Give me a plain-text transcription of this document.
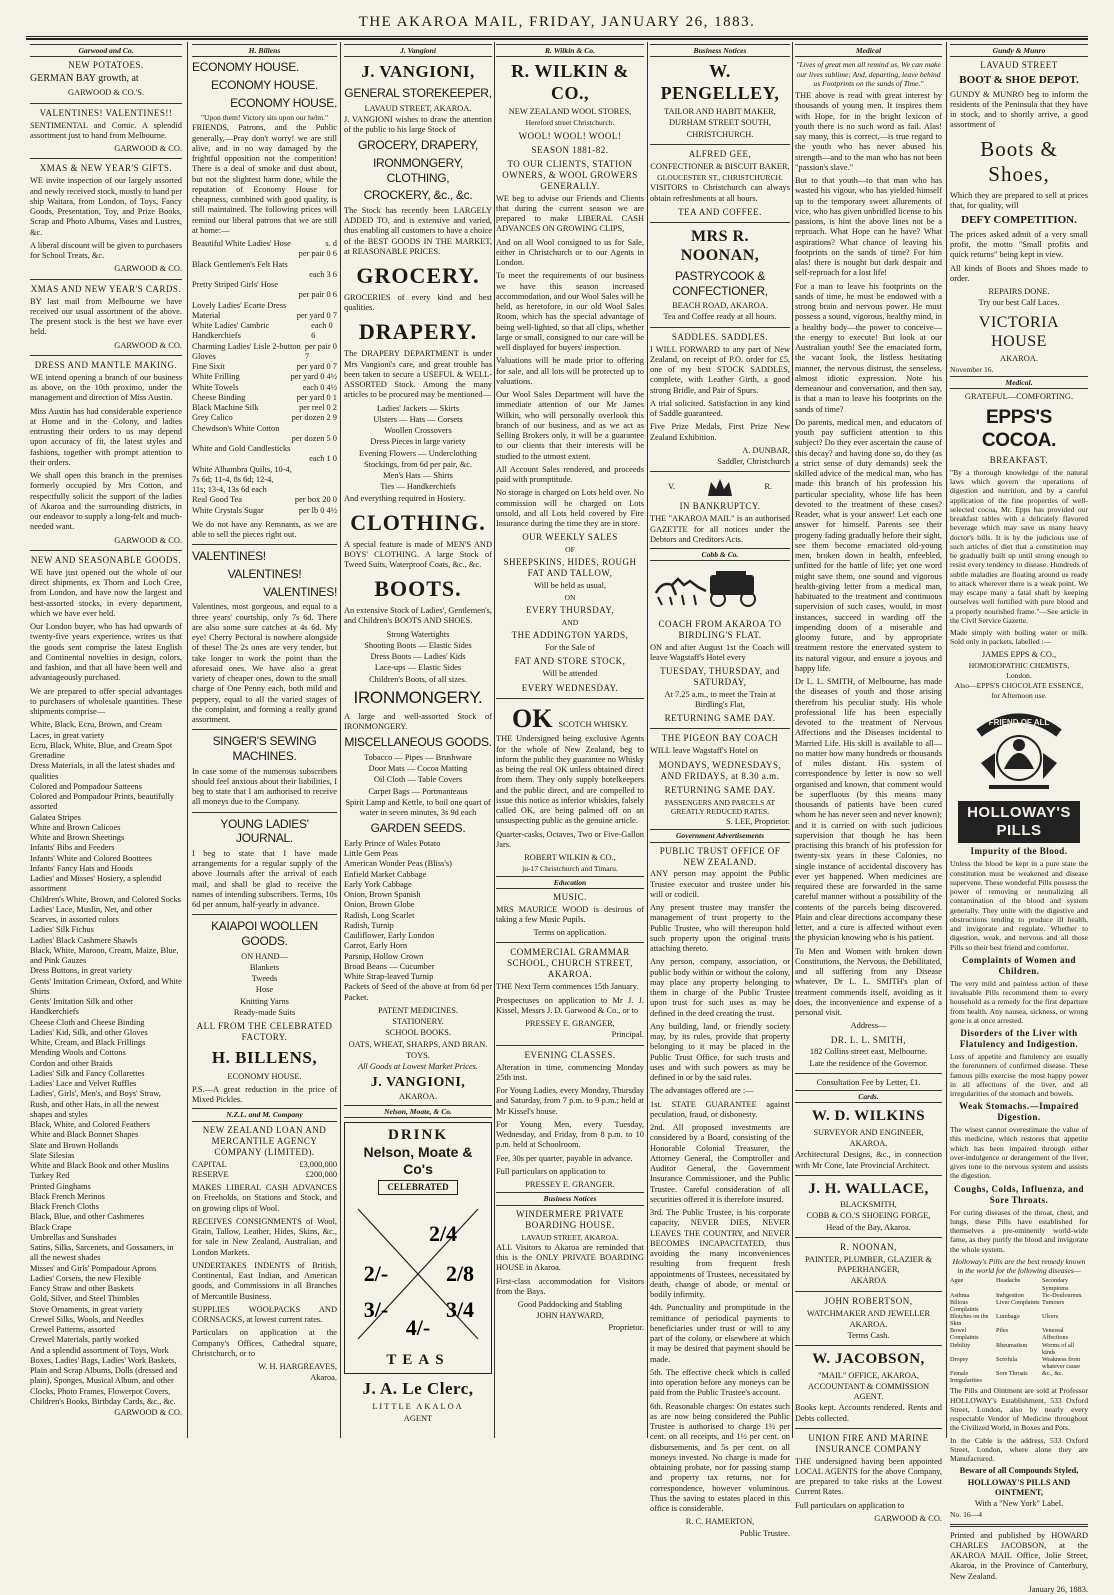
THE AKAROA MAIL, FRIDAY, JANUARY 26, 1883.
Garwood and Co.
NEW POTATOES.
GERMAN BAY growth, at
GARWOOD & CO.'S.
VALENTINES! VALENTINES!!
SENTIMENTAL and Comic. A splendid assortment just to hand from Melbourne.
GARWOOD & CO.
XMAS & NEW YEAR'S GIFTS.
WE invite inspection of our largely assorted and newly received stock, mostly to hand per ship Waitara, from London, of Toys, Fancy Goods, Presentation, Toy, and Prize Books, Scrap and Photo Albums, Vases and Lustres, &c.
A liberal discount will be given to purchasers for School Treats, &c.
GARWOOD & CO.
XMAS AND NEW YEAR'S CARDS.
BY last mail from Melbourne we have received our usual assortment of the above. The present stock is the best we have ever held.
GARWOOD & CO.
DRESS AND MANTLE MAKING.
WE intend opening a branch of our business as above, on the 10th proximo, under the management and direction of Miss Austin.
Miss Austin has had considerable experience at Home and in the Colony, and ladies entrusting their orders to us may depend upon accuracy of fit, the latest styles and fashions, together with prompt attention to their orders.
We shall open this branch in the premises formerly occupied by Mrs Cotton, and respectfully solicit the support of the ladies of Akaroa and the surrounding districts, in our endeavor to supply a long-felt and much-needed want.
GARWOOD & CO.
NEW AND SEASONABLE GOODS.
WE have just opened out the whole of our direct shipments, ex Thorn and Loch Cree, from London, and have now the largest and best-assorted stocks, in every department, which we have ever held.
Our London buyer, who has had upwards of twenty-five years experience, writes us that the goods sent comprise the latest English and Continental novelties in design, colors, and fashion, and that all have been well and advantageously purchased.
We are prepared to offer special advantages to purchasers of wholesale quantities. These shipments comprise—
White, Black, Ecru, Brown, and Cream Laces, in great variety
Ecru, Black, White, Blue, and Cream Spot Grenadine
Dress Materials, in all the latest shades and qualities
Colored and Pompadour Satteens
Colored and Pompadour Prints, beautifully assorted
Galatea Stripes
White and Brown Calicoes
White and Brown Sheetings
Infants' Bibs and Feeders
Infants' White and Colored Boottees
Infants' Fancy Hats and Hoods
Ladies' and Misses' Hosiery, a splendid assortment
Children's White, Brown, and Colored Socks
Ladies' Lace, Muslin, Net, and other Scarves, in assorted colors
Ladies' Silk Fichus
Ladies' Black Cashmere Shawls
Black, White, Maroon, Cream, Maize, Blue, and Pink Gauzes
Dress Buttons, in great variety
Gents' Imitation Crimean, Oxford, and White Shirts
Gents' Imitation Silk and other Handkerchiefs
Cheese Cloth and Cheese Binding
Ladies' Kid, Silk, and other Gloves
White, Cream, and Black Frillings
Mending Wools and Cottons
Cordon and other Braids
Ladies' Silk and Fancy Collarettes
Ladies' Lace and Velvet Ruffles
Ladies', Girls', Men's, and Boys' Straw, Rush, and other Hats, in all the newest shapes and styles
Black, White, and Colored Feathers
White and Black Bonnet Shapes
Slate and Brown Hollands
Slate Silesias
White and Black Book and other Muslins
Turkey Red
Printed Ginghams
Black French Merinos
Black French Cloths
Black, Blue, and other Cashmeres
Black Crape
Umbrellas and Sunshades
Satins, Silks, Sarcenets, and Gossamers, in all the newest shades
Misses' and Girls' Pompadour Aprons
Ladies' Corsets, the new Flexible
Fancy Straw and other Baskets
Gold, Silver, and Steel Thimbles
Stove Ornaments, in great variety
Crewel Silks, Wools, and Needles
Crewel Patterns, assorted
Crewel Materials, partly worked
And a splendid assortment of Toys, Work Boxes, Ladies' Bags, Ladies' Work Baskets, Plain and Scrap Albums, Dolls (dressed and plain), Sponges, Musical Album, and other Clocks, Photo Frames, Flowerpot Covers, Children's Books, Birthday Cards, &c., &c.
GARWOOD & CO.
H. Billens
ECONOMY HOUSE.
ECONOMY HOUSE.
ECONOMY HOUSE.
"Upon them! Victory sits upon our helm."
FRIENDS, Patrons, and the Public generally,—Pray don't worry! we are still alive, and in no way damaged by the frightful opposition not the competition! There is a deal of smoke and dust about, but not the slightest harm done, while the reputation of Economy House for cheapness, combined with good quality, is still maintained. The following prices will remind our liberal patrons that we are still at home:—
Beautiful White Ladies' Hose	s. d
per pair 0 6
Black Gentlemen's Felt Hats
each 3 6
Pretty Striped Girls' Hose
per pair 0 6
Lovely Ladies' Ecarte Dress
Material	per yard 0 7
White Ladies' Cambric Handkerchiefs
each 0 6
Charming Ladies' Lisle 2-button Gloves
per pair 0 7
Fine Sixit	per yard 0 7
White Frilling	per yard 0 4½
White Towels	each 0 4½
Cheese Binding	per yard 0 1
Black Machine Silk	per reel 0 2
Grey Calico	per dozen 2 9
Chewdson's White Cotton
per dozen 5 0
White and Gold Candlesticks
each 1 0
White Alhambra Quilts, 10-4,
7s 6d; 11-4, 8s 6d; 12-4,
11s; 13-4, 13s 6d each
Real Good Tea	per box 20 0
White Crystals Sugar	per lb 0 4½
We do not have any Remnants, as we are able to sell the pieces right out.
VALENTINES!
VALENTINES!
VALENTINES!
Valentines, most gorgeous, and equal to a three years' courtship, only 7s 6d. There are also some sure catches at 4s 6d. My eye! Cherry Pectoral is nowhere alongside of these! The 2s ones are very tender, but take longer to work the point than the aforesaid ones. We have also a great variety of cheaper ones, down to the small charge of One Penny each, both mild and peppery, equal to all the varied stages of the complaint, and forming a really grand assortment.
SINGER'S SEWING MACHINES.
In case some of the numerous subscribers should feel anxious about their liabilities, I beg to state that I am authorised to receive all moneys due to the Company.
YOUNG LADIES' JOURNAL.
I beg to state that I have made arrangements for a regular supply of the above Journals after the arrival of each mail, and shall be glad to receive the names of intending subscribers. Terms, 10s 6d per annum, half-yearly in advance.
KAIAPOI WOOLLEN GOODS.
ON HAND—
Blankets
Tweeds
Hose
Knitting Yarns
Ready-made Suits
ALL FROM THE CELEBRATED FACTORY.
H. BILLENS,
ECONOMY HOUSE.
P.S.—A great reduction in the price of Mixed Pickles.
N.Z.L. and M. Company
NEW ZEALAND LOAN AND MERCANTILE AGENCY COMPANY (LIMITED).
CAPITAL	£3,000,000
RESERVE	£200,000
MAKES LIBERAL CASH ADVANCES on Freeholds, on Stations and Stock, and on growing clips of Wool.
RECEIVES CONSIGNMENTS of Wool, Grain, Tallow, Leather, Hides, Skins, &c., for sale in New Zealand, Australian, and London Markets.
UNDERTAKES INDENTS of British, Continental, East Indian, and American goods, and Commissions in all Branches of Mercantile Business.
SUPPLIES WOOLPACKS AND CORNSACKS, at lowest current rates.
Particulars on application at the Company's Offices, Cathedral square, Christchurch, or to
W. H. HARGREAVES,
Akaroa.
J. Vangioni
J. VANGIONI,
GENERAL STOREKEEPER,
LAVAUD STREET, AKAROA.
J. VANGIONI wishes to draw the attention of the public to his large Stock of
GROCERY, DRAPERY,
IRONMONGERY, CLOTHING,
CROCKERY, &c., &c.
The Stock has recently been LARGELY ADDED TO, and is extensive and varied, thus enabling all customers to have a choice of the BEST GOODS IN THE MARKET, at REASONABLE PRICES.
GROCERY.
GROCERIES of every kind and best qualities.
DRAPERY.
The DRAPERY DEPARTMENT is under Mrs Vangioni's care, and great trouble has been taken to secure a USEFUL & WELL-ASSORTED Stock. Among the many articles to be procured may be mentioned—
Ladies' Jackets — Skirts
Ulsters — Hats — Corsets
Woollen Crossovers
Dress Pieces in large variety
Evening Flowers — Underclothing
Stockings, from 6d per pair, &c.
Men's Hats — Shirts
Ties — Handkerchiefs
And everything required in Hosiery.
CLOTHING.
A special feature is made of MEN'S AND BOYS' CLOTHING. A large Stock of Tweed Suits, Waterproof Coats, &c., &c.
BOOTS.
An extensive Stock of Ladies', Gentlemen's, and Children's BOOTS AND SHOES.
Strong Watertights
Shooting Boots — Elastic Sides
Dress Boots — Ladies' Kids
Lace-ups — Elastic Sides
Children's Boots, of all sizes.
IRONMONGERY.
A large and well-assorted Stock of IRONMONGERY.
MISCELLANEOUS GOODS.
Tobacco — Pipes — Brushware
Door Mats — Cocoa Matting
Oil Cloth — Table Covers
Carpet Bags — Portmanteaus
Spirit Lamp and Kettle, to boil one quart of water in seven minutes, 3s 9d each
GARDEN SEEDS.
Early Prince of Wales Potato
Little Gem Peas
American Wonder Peas (Bliss's)
Enfield Market Cabbage
Early York Cabbage
Onion, Brown Spanish
Onion, Brown Globe
Radish, Long Scarlet
Radish, Turnip
Cauliflower, Early London
Carrot, Early Horn
Parsnip, Hollow Crown
Broad Beans — Cucumber
White Strap-leaved Turnip
Packets of Seed of the above at from 6d per Packet.
PATENT MEDICINES.
STATIONERY.
SCHOOL BOOKS.
OATS, WHEAT, SHARPS, AND BRAN.
TOYS.
All Goods at Lowest Market Prices.
J. VANGIONI,
AKAROA.
Nelson, Moate, & Co.
DRINK
Nelson, Moate & Co's
CELEBRATED
2/4
2/-	2/8
3/-	3/4
4/-
TEAS
J. A. Le Clerc,
LITTLE AKALOA
AGENT
R. Wilkin & Co.
R. WILKIN & CO.,
NEW ZEALAND WOOL STORES,
Hereford street Christchurch.
WOOL! WOOL! WOOL!
SEASON 1881-82.
TO OUR CLIENTS, STATION OWNERS, & WOOL GROWERS GENERALLY.
WE beg to advise our Friends and Clients that during the current season we are prepared to make LIBERAL CASH ADVANCES ON GROWING CLIPS,
And on all Wool consigned to us for Sale, either in Christchurch or to our Agents in London.
To meet the requirements of our business we have this season increased accommodation, and our Wool Sales will be held, as heretofore, in our old Wool Sales Room, which has the special advantage of being well-lighted, so that all clips, whether large or small, consigned to our care will be well displayed for buyers' inspection.
Valuations will be made prior to offering for sale, and all lots will be protected up to valuations.
Our Wool Sales Department will have the immediate attention of our Mr James Wilkin, who will personally overlook this branch of our business, and as we act as Selling Brokers only, it will be a guarantee to our clients that their interests will be studied to the utmost extent.
All Account Sales rendered, and proceeds paid with promptitude.
No storage is charged on Lots held over. No commission will be charged on Lots unsold, and all Lots held covered by Fire Insurance during the time they are in store.
OUR WEEKLY SALES
OF
SHEEPSKINS, HIDES, ROUGH FAT AND TALLOW,
Will be held as usual,
ON
EVERY THURSDAY,
AND
THE ADDINGTON YARDS,
For the Sale of
FAT AND STORE STOCK,
Will be attended
EVERY WEDNESDAY.
OK SCOTCH WHISKY.
THE Undersigned being exclusive Agents for the whole of New Zealand, beg to inform the public they guarantee no Whisky as being the real OK unless obtained direct from them. They only supply hotelkeepers and the public direct, and are compelled to issue this notice as inferior whiskies, falsely called OK, are being palmed off on an unsuspecting public as the genuine article.
Quarter-casks, Octaves, Two or Five-Gallon Jars.
ROBERT WILKIN & CO.,
ju-17 Christchurch and Timaru.
Education
MUSIC.
MRS MAURICE WOOD is desirous of taking a few Music Pupils.
Terms on application.
COMMERCIAL GRAMMAR SCHOOL, CHURCH STREET, AKAROA.
THE Next Term commences 15th January.
Prospectuses on application to Mr J. J. Kissel, Messrs J. D. Garwood & Co., or to
PRESSEY E. GRANGER,
Principal.
EVENING CLASSES.
Alteration in time, commencing Monday 25th inst.
For Young Ladies, every Monday, Thursday and Saturday, from 7 p.m. to 9 p.m.; held at Mr Kissel's house.
For Young Men, every Tuesday, Wednesday, and Friday, from 8 p.m. to 10 p.m. held at Schoolroom.
Fee, 30s per quarter, payable in advance.
Full particulars on application to
PRESSEY E. GRANGER.
Business Notices
WINDERMERE PRIVATE BOARDING HOUSE.
LAVAUD STREET, AKAROA.
ALL Visitors to Akaroa are reminded that this is the ONLY PRIVATE BOARDING HOUSE in Akaroa.
First-class accommodation for Visitors from the Bays.
Good Paddocking and Stabling
JOHN HAYWARD,
Proprietor.
Business Notices
W. PENGELLEY,
TAILOR AND HABIT MAKER,
DURHAM STREET SOUTH,
CHRISTCHURCH.
ALFRED GEE,
CONFECTIONER & BISCUIT BAKER,
GLOUCESTER ST., CHRISTCHURCH.
VISITORS to Christchurch can always obtain refreshments at all hours.
TEA AND COFFEE.
MRS R. NOONAN,
PASTRYCOOK & CONFECTIONER,
BEACH ROAD, AKAROA.
Tea and Coffee ready at all hours.
SADDLES. SADDLES.
I WILL FORWARD to any part of New Zealand, on receipt of P.O. order for £5, one of my best STOCK SADDLES, complete, with Leather Girth, a good strong Bridle, and Pair of Spurs.
A trial solicited. Satisfaction in any kind of Saddle guaranteed.
Five Prize Medals, First Prize New Zealand Exhibition.
A. DUNBAR,
Saddler, Christchurch
V.	R.
IN BANKRUPTCY.
THE "AKAROA MAIL" is an authorised GAZETTE for all notices under the Debtors and Creditors Acts.
Cobb & Co.
COACH FROM AKAROA TO BIRDLING'S FLAT.
ON and after August 1st the Coach will leave Wagstaff's Hotel every
TUESDAY, THURSDAY, and SATURDAY,
At 7.25 a.m., to meet the Train at Birdling's Flat,
RETURNING SAME DAY.
THE PIGEON BAY COACH
WILL leave Wagstaff's Hotel on
MONDAYS, WEDNESDAYS, AND FRIDAYS, at 8.30 a.m.
RETURNING SAME DAY.
PASSENGERS AND PARCELS AT GREATLY REDUCED RATES.
S. LEE, Proprietor.
Government Advertisements
PUBLIC TRUST OFFICE OF NEW ZEALAND.
ANY person may appoint the Public Trustee executor and trustee under his will or codicil.
Any present trustee may transfer the management of trust property to the Public Trustee, who will thereupon hold such property upon the original trusts attaching thereto.
Any person, company, association, or public body within or without the colony, may place any property belonging to them in charge of the Public Trustee upon trust for such uses as may be defined in the deed creating the trust.
Any building, land, or friendly society may, by its rules, provide that property belonging to it may be placed in the Public Trust Office, for such trusts and uses and with such powers as may be defined in or by the said rules.
The advantages offered are :—
1st. STATE GUARANTEE against peculation, fraud, or dishonesty.
2nd. All proposed investments are considered by a Board, consisting of the Honorable Colonial Treasurer, the Attorney General, the Comptroller and Auditor General, the Government Insurance Commissioner, and the Public Trustee. Careful consideration of all securities offered it is therefore insured.
3rd. The Public Trustee, is his corporate capacity, NEVER DIES, NEVER LEAVES THE COUNTRY, and NEVER BECOMES INCAPACITATED, thus avoiding the many inconveniences resulting from frequent fresh appointments of Trustees, necessitated by death, change of abode, or mental or bodily infirmity.
4th. Punctuality and promptitude in the remittance of periodical payments to beneficiaries under trust or will to any part of the colony, or elsewhere at which it may be desired that payment should be made.
5th. The effective check which is called into operation before any moneys can be paid from the Public Trustee's account.
6th. Reasonable charges: On estates such as are now being considered the Public Trustee is authorised to charge 1½ per cent. on all receipts, and 1½ per cent. on disbursements, and 5s per cent. on all moneys invested. No charge is made for obtaining probate, nor for passing stamp and property tax returns, nor for correspondence, however voluminous. Thus the saving to estates placed in this office is considerable.
R. C. HAMERTON,
Public Trustee.
Medical
"Lives of great men all remind us, We can make our lives sublime; And, departing, leave behind us Footprints on the sands of Time."
THE above is read with great interest by thousands of young men. It inspires them with Hope, for in the bright lexicon of youth there is no such word as fail. Alas! say many, this is correct,—is true regard to the youth who has never abused his strength—and to the man who has not been "passion's slave."
But to that youth—to that man who has wasted his vigour, who has yielded himself up to the temporary sweet allurements of vice, who has given unbridled license to his passions, is hint the above lines not be a reproach. What Hope can he have? What aspirations? What chance of leaving his footprints on the sands of time? For him alas! there is nought but dark despair and self-reproach for a lost life!
For a man to leave his footprints on the sands of time, he must be endowed with a strong brain and nervous power. He must possess a sound, vigorous, healthy mind, in a healthy body—the power to conceive—the energy to execute! But look at our Australian youth! See the emaciated form, the vacant look, the listless hesitating manner, the nervous distrust, the senseless, almost idiotic expression. Note his demeanour and conversation, and then say, is that a man to leave his footprints on the sands of time?
Do parents, medical men, and educators of youth pay sufficient attention to this subject? Do they ever ascertain the cause of this decay? and having done so, do they (as a strict sense of duty demands) seek the skilled advice of the medical man, who has made this branch of his profession his particular speciality, whose life has been devoted to the treatment of these cases? Reader, what is your answer! Let each one answer for himself. Parents see their progeny fading gradually before their sight, see them become emaciated old-young men, broken down in health, enfeebled, unfitted for the battle of life; yet one word might save them, one sound and vigorous health-giving letter from a medical man, habituated to the treatment and continuous supervision of such cases, would, in most instances, succeed in warding off the impending doom of a miserable and gloomy future, and by appropriate treatment restore the enervated system to its natural vigour, and ensure a joyous and happy life.
Dr L. L. SMITH, of Melbourne, has made the diseases of youth and those arising therefrom his peculiar study. His whole professional life has been especially devoted to the treatment of Nervous Affections and the Diseases incidental to Married Life. His skill is available to all—no matter how many hundreds or thousands of miles distant. His system of correspondence by letter is now so well organised and known, that comment would be superfluous (by this means many thousands of patients have been cured whom he has never seen and never known); and it is carried on with such judicious supervision that though he has been practising this branch of his profession for twenty-six years in these Colonies, no single instance of accidental discovery has ever yet happened. When medicines are required these are forwarded in the same careful manner without a possibility of the contents of the parcels being discovered. Plain and clear directions accompany these letter, and a cure is affected without even the physician knowing who is his patient.
To Men and Women with broken down Constitutions, the Nervous, the Debilitated, and all suffering from any Disease whatever, Dr L. L. SMITH's plan of treatment commends itself, avoiding as it does, the inconvenience and expense of a personal visit.
Address—
DR. L. L. SMITH,
182 Collins street east, Melbourne.
Late the residence of the Governor.
Consultation Fee by Letter, £1.
Cards.
W. D. WILKINS
SURVEYOR AND ENGINEER,
AKAROA.
Architectural Designs, &c., in connection with Mr Cone, late Provincial Architect.
J. H. WALLACE,
BLACKSMITH,
COBB & CO.'S SHOEING FORGE,
Head of the Bay, Akaroa.
R. NOONAN,
PAINTER, PLUMBER, GLAZIER & PAPERHANGER,
AKAROA
JOHN ROBERTSON,
WATCHMAKER AND JEWELLER
AKAROA.
Terms Cash.
W. JACOBSON,
"MAIL" OFFICE, AKAROA,
ACCOUNTANT & COMMISSION AGENT.
Books kept. Accounts rendered. Rents and Debts collected.
UNION FIRE AND MARINE INSURANCE COMPANY
THE undersigned having been appointed LOCAL AGENTS for the above Company, are prepared to take risks at the Lowest Current Rates.
Full particulars on application to
GARWOOD & CO.
Gundy & Munro
LAVAUD STREET
BOOT & SHOE DEPOT.
GUNDY & MUNRO beg to inform the residents of the Peninsula that they have in stock, and to shortly arrive, a good assortment of
Boots & Shoes,
Which they are prepared to sell at prices that, for quality, will
DEFY COMPETITION.
The prices asked admit of a very small profit, the motto "Small profits and quick returns" being kept in view.
All kinds of Boots and Shoes made to order.
REPAIRS DONE.
Try our best Calf Laces.
VICTORIA HOUSE
AKAROA.
November 16.
Medical.
GRATEFUL—COMFORTING.
EPPS'S COCOA.
BREAKFAST.
"By a thorough knowledge of the natural laws which govern the operations of digestion and nutrition, and by a careful application of the fine properties of well-selected cocoa, Mr. Epps has provided our breakfast tables with a delicately flavored beverage which may save us many heavy doctor's bills. It is by the judicious use of such articles of diet that a constitution may be gradually built up until strong enough to resist every tendency to disease. Hundreds of subtle maladies are floating around us ready to attack wherever there is a weak point. We may escape many a fatal shaft by keeping ourselves well fortified with pure blood and a properly nourished frame."—See article in the Civil Service Gazette.
Made simply with boiling water or milk. Sold only in packets, labelled :—
JAMES EPPS & CO.,
HOMOEOPATHIC CHEMISTS,
London.
Also—EPPS'S CHOCOLATE ESSENCE, for Afternoon use.
FRIEND OF ALL
HOLLOWAY'S PILLS
Impurity of the Blood.
Unless the blood be kept in a pure state the constitution must be weakened and disease supervene. These wonderful Pills possess the power of removing or neutralizing all contamination of the blood and system generally. They unite with the digestive and obstructions tending to produce ill health, and invigorate and regulate. Whether to digestion, weak, and nervous and all those Pills so their best friend and comforter.
Complaints of Women and Children.
The very mild and painless action of these invaluable Pills recommend them to every household as a remedy for the first departure from health. Any nausea, sickness, or wrong gone is at once arrested.
Disorders of the Liver with Flatulency and Indigestion.
Loss of appetite and flatulency are usually the forerunners of confirmed disease. These famous pills exercise the most happy power in all affections of the liver, and all irregularities of the stomach and bowels.
Weak Stomachs.—Impaired Digestion.
The wisest cannot overestimate the value of this medicine, which restores that appetite which has been impaired through either over-indulgence or derangement of the liver, gives tone to the nervous system and assists the digestion.
Coughs, Colds, Influenza, and Sore Throats.
For curing diseases of the throat, chest, and lungs, these Pills have established for themselves a pre-eminently world-wide fame, as they purify the blood and invigorate the whole system.
Holloway's Pills are the best remedy known in the world for the following diseases—
Ague	Headache	Secondary Symptoms
Asthma	Indigestion	Tic-Douloureux
Bilious Complaints
Liver Complaints Tumours
Blotches on the Skin
Lumbago	Ulcers
Bowel Complaints
Piles	Venereal Affections
Debility	Rheumatism	Worms of all kinds
Dropsy	Scrofula	Weakness from whatever cause
Female Irregularities
Sore Throats	&c., &c.
The Pills and Ointment are sold at Professor HOLLOWAY's Establishment, 533 Oxford Street, London, also by nearly every respectable Vendor of Medicine throughout the Civilized World, in Boxes and Pots.
In the Cable is the address, 533 Oxford Street, London, where alone they are Manufactured.
Beware of all Compounds Styled,
HOLLOWAY'S PILLS AND OINTMENT,
With a "New York" Label.
No. 16—4
Printed and published by HOWARD CHARLES JACOBSON, at the AKAROA MAIL Office, Jolie Street, Akaroa, in the Province of Canterbury, New Zealand.
January 26, 1883.
